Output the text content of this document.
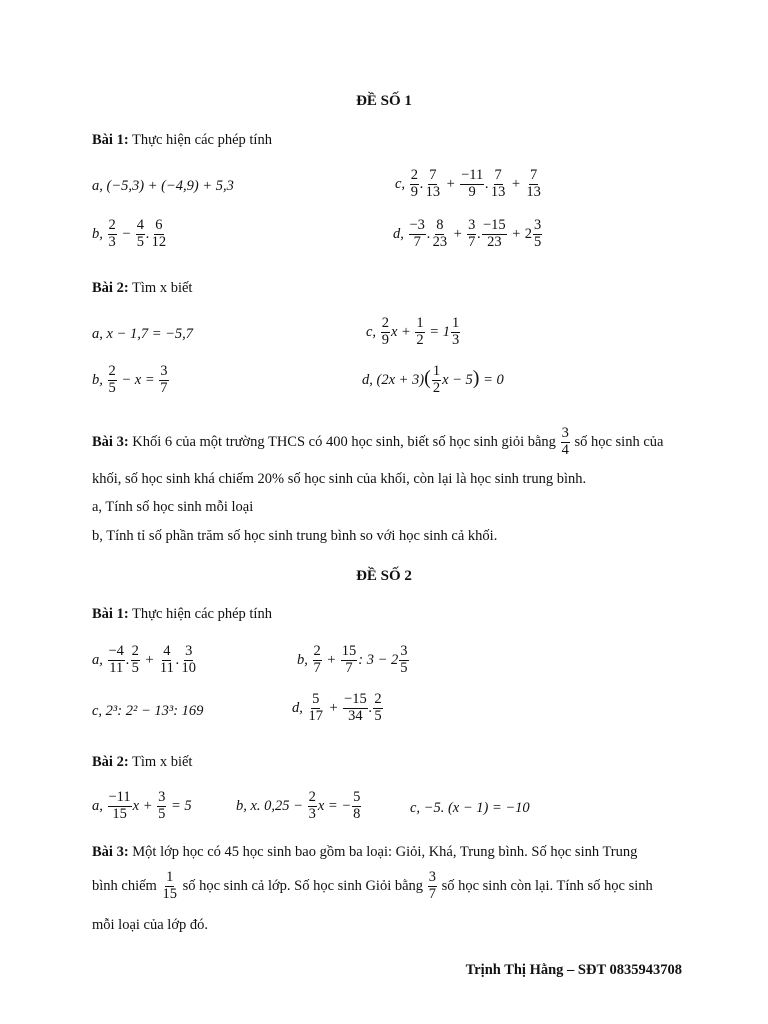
ĐỀ SỐ 1
Bài 1: Thực hiện các phép tính
a, (−5,3) + (−4,9) + 5,3	c, $\frac{2}{9}$ . $\frac{7}{13} + \frac{-11}{9}$ . $\frac{7}{13} + \frac{7}{13}$
b, $\frac{2}{3} - \frac{4}{5}$ . $\frac{6}{12}$	d, $\frac{-3}{7}$ . $\frac{8}{23} + \frac{3}{7}$ . $\frac{-15}{23} + 2 \frac{3}{5}$
Bài 2: Tìm x biết
a, x − 1,7 = −5,7	c, $\frac{2}{9}$ $x + \frac{1}{2} = 1 \frac{1}{3}$
b, $\frac{2}{5} - x = \frac{3}{7}$	d, $(2x + 3)( \frac{1}{2}$ x − 5) = 0
Bài 3: Khối 6 của một trường THCS có 400 học sinh, biết số học sinh giỏi bằng $\frac{3}{4}$ số học sinh của
khối, số học sinh khá chiếm 20% số học sinh của khối, còn lại là học sinh trung bình.
a, Tính số học sinh mỗi loại
b, Tính tỉ số phần trăm số học sinh trung bình so với học sinh cả khối.
ĐỀ SỐ 2
Bài 1: Thực hiện các phép tính
a, $\frac{-4}{11}$ . $\frac{2}{5} + \frac{4}{11}$ . $\frac{3}{10}$	b, $\frac{2}{7} + \frac{15}{7}$ : $3 - 2 \frac{3}{5}$
c, 2³: 2² − 13³: 169	d, $\frac{5}{17} + \frac{-15}{34}$ . $\frac{2}{5}$
Bài 2: Tìm x biết
a, $\frac{-11}{15}$ $x + \frac{3}{5} = 5$	b, x. $0,25 - \frac{2}{3}$ x = − $\frac{5}{8}$	c, −5. (x − 1) = −10
Bài 3: Một lớp học có 45 học sinh bao gồm ba loại: Giỏi, Khá, Trung bình. Số học sinh Trung
bình chiếm $\frac{1}{15}$ số học sinh cả lớp. Số học sinh Giỏi bằng $\frac{3}{7}$ số học sinh còn lại. Tính số học sinh
mỗi loại của lớp đó.
Trịnh Thị Hằng – SĐT 0835943708
